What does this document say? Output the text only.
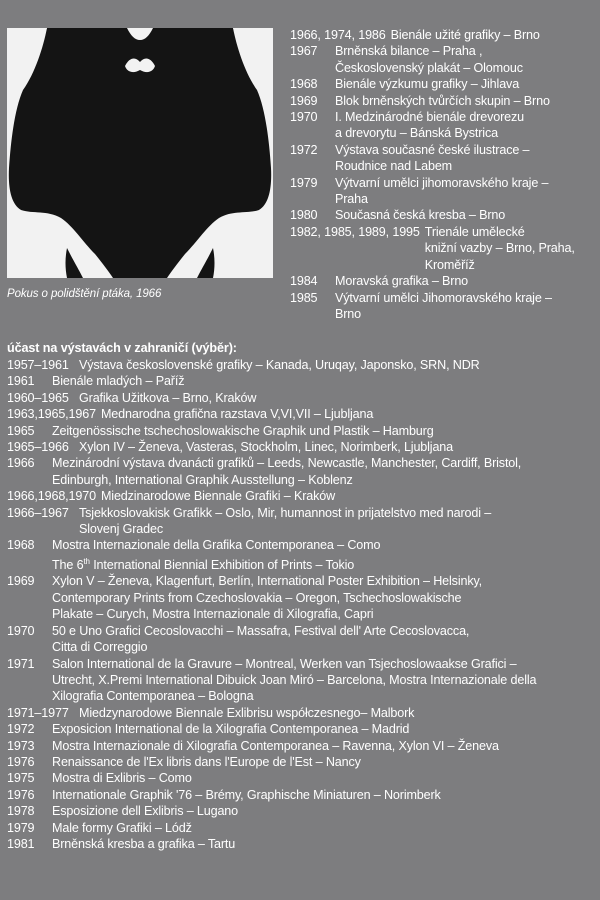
Pokus o polidštění ptáka, 1966
1966, 1974, 1986 Bienále užité grafiky – Brno
1967	Brněnská bilance – Praha ,
Československý plakát – Olomouc
1968	Bienále výzkumu grafiky – Jihlava
1969	Blok brněnských tvůrčích skupin – Brno
1970	I. Medzinárodné bienále drevorezu
a drevorytu – Bánská Bystrica
1972	Výstava současné české ilustrace –
Roudnice nad Labem
1979	Výtvarní umělci jihomoravského kraje –
Praha
1980	Současná česká kresba – Brno
1982, 1985, 1989, 1995 Trienále umělecké
knižní vazby – Brno, Praha, Kroměříž
1984	Moravská grafika – Brno
1985	Výtvarní umělci Jihomoravského kraje –
Brno
účast na výstavách v zahraničí (výběr):
1957–1961 Výstava československé grafiky – Kanada, Uruqay, Japonsko, SRN, NDR
1961	Bienále mladých – Paříž
1960–1965 Grafika Užitkova – Brno, Kraków
1963,1965,1967 Mednarodna grafična razstava V,VI,VII – Ljubljana
1965	Zeitgenössische tschechoslowakische Graphik und Plastik – Hamburg
1965–1966 Xylon IV – Ženeva, Vasteras, Stockholm, Linec, Norimberk, Ljubljana
1966	Mezinárodní výstava dvanácti grafiků – Leeds, Newcastle, Manchester, Cardiff, Bristol,
Edinburgh, International Graphik Ausstellung – Koblenz
1966,1968,1970 Miedzinarodowe Biennale Grafiki – Kraków
1966–1967 Tsjekkoslovakisk Grafikk – Oslo, Mir, humannost in prijatelstvo med narodi –
Slovenj Gradec
1968	Mostra Internazionale della Grafika Contemporanea – Como
The 6th International Biennial Exhibition of Prints – Tokio
1969	Xylon V – Ženeva, Klagenfurt, Berlín, International Poster Exhibition – Helsinky,
Contemporary Prints from Czechoslovakia – Oregon, Tschechoslowakische
Plakate – Curych, Mostra Internazionale di Xilografia, Capri
1970	50 e Uno Grafici Cecoslovacchi – Massafra, Festival dell' Arte Cecoslovacca,
Citta di Correggio
1971	Salon International de la Gravure – Montreal, Werken van Tsjechoslowaakse Grafici –
Utrecht, X.Premi International Dibuick Joan Miró – Barcelona, Mostra Internazionale della
Xilografia Contemporanea – Bologna
1971–1977 Miedzynarodowe Biennale Exlibrisu współczesnego– Malbork
1972	Exposicion International de la Xilografia Contemporanea – Madrid
1973	Mostra Internazionale di Xilografia Contemporanea – Ravenna, Xylon VI – Ženeva
1976	Renaissance de l'Ex libris dans l'Europe de l'Est – Nancy
1975	Mostra di Exlibris – Como
1976	Internationale Graphik '76 – Brémy, Graphische Miniaturen – Norimberk
1978	Esposizione dell Exlibris – Lugano
1979	Male formy Grafiki – Lódž
1981	Brněnská kresba a grafika – Tartu
